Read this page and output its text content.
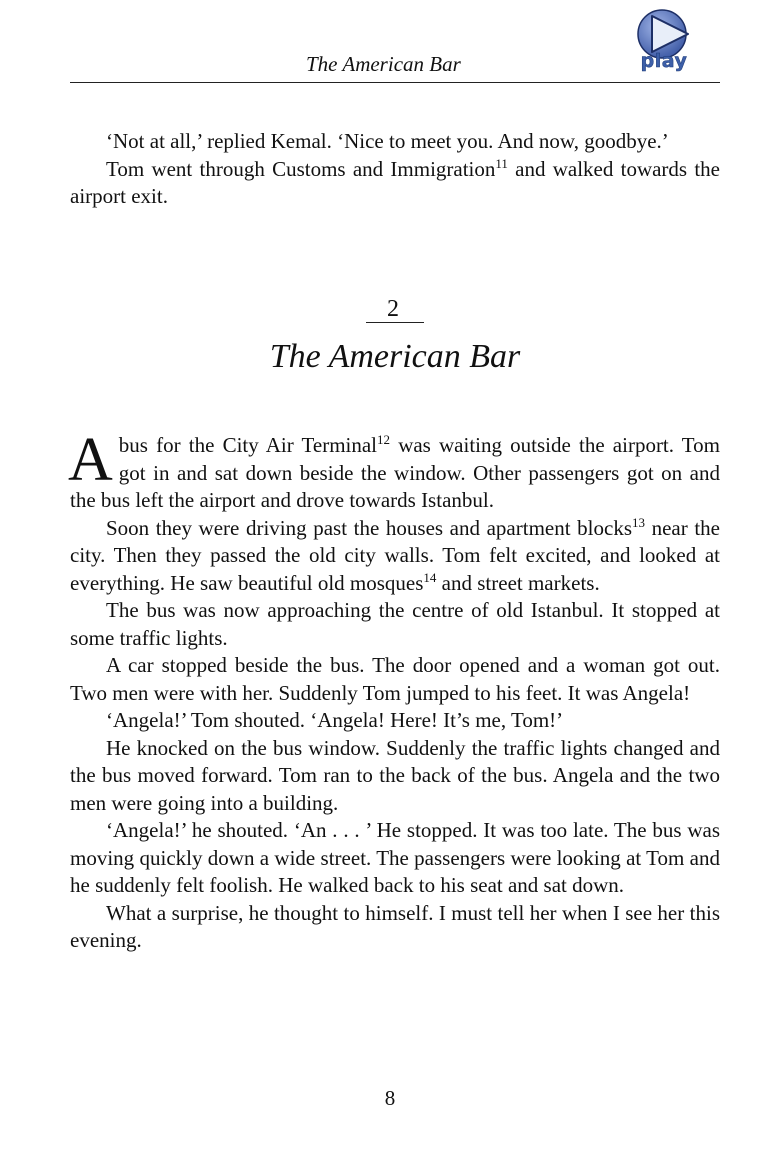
The American Bar	play

‘Not at all,’ replied Kemal. ‘Nice to meet you. And now, goodbye.’

Tom went through Customs and Immigration$^{11}$ and walked towards the airport exit.

2
The American Bar

Abus for the City Air Terminal$^{12}$ was waiting outside the airport. Tom got in and sat down beside the window. Other passengers got on and the bus left the airport and drove towards Istanbul.

Soon they were driving past the houses and apartment blocks$^{13}$ near the city. Then they passed the old city walls. Tom felt excited, and looked at everything. He saw beautiful old mosques$^{14}$ and street markets.

The bus was now approaching the centre of old Istanbul. It stopped at some traffic lights.

A car stopped beside the bus. The door opened and a woman got out. Two men were with her. Suddenly Tom jumped to his feet. It was Angela!

‘Angela!’ Tom shouted. ‘Angela! Here! It’s me, Tom!’

He knocked on the bus window. Suddenly the traffic lights changed and the bus moved forward. Tom ran to the back of the bus. Angela and the two men were going into a building.

‘Angela!’ he shouted. ‘An . . . ’ He stopped. It was too late. The bus was moving quickly down a wide street. The passengers were looking at Tom and he suddenly felt foolish. He walked back to his seat and sat down.

What a surprise, he thought to himself. I must tell her when I see her this evening.

8
